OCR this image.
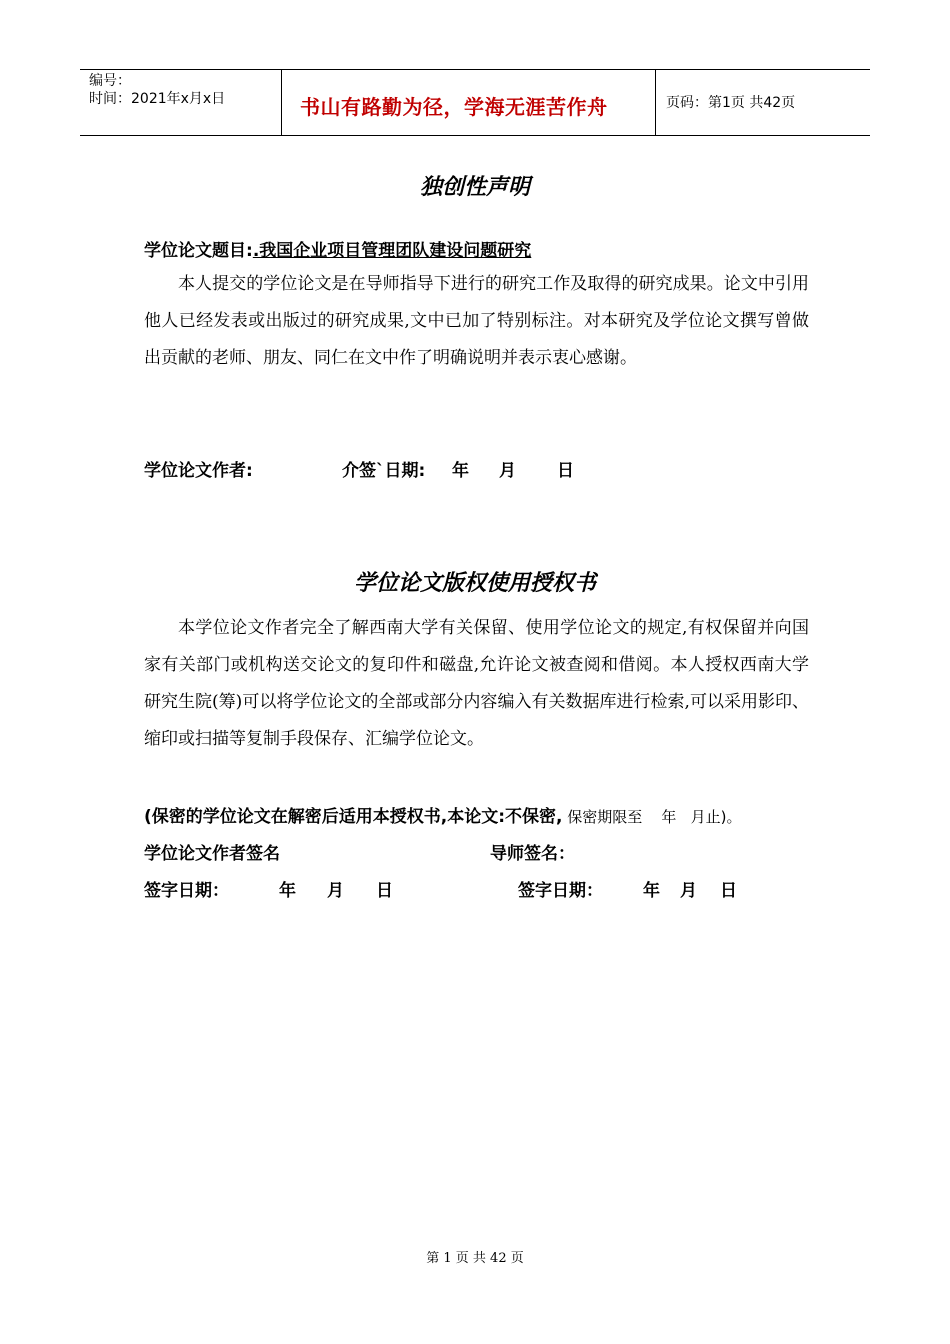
编号：
时间：2021年x月x日	书山有路勤为径，学海无涯苦作舟	页码：第1页 共42页
独创性声明
学位论文题目:.我国企业项目管理团队建设问题研究
本人提交的学位论文是在导师指导下进行的研究工作及取得的研究成果。论文中引用他人已经发表或出版过的研究成果,文中已加了特别标注。对本研究及学位论文撰写曾做出贡献的老师、朋友、同仁在文中作了明确说明并表示衷心感谢。
学位论文作者:	介签`日期: 年 月 日
学位论文版权使用授权书
本学位论文作者完全了解西南大学有关保留、使用学位论文的规定,有权保留并向国家有关部门或机构送交论文的复印件和磁盘,允许论文被查阅和借阅。本人授权西南大学研究生院(筹)可以将学位论文的全部或部分内容编入有关数据库进行检索,可以采用影印、缩印或扫描等复制手段保存、汇编学位论文。
(保密的学位论文在解密后适用本授权书,本论文:不保密, 保密期限至    年   月止)。
学位论文作者签名	导师签名：
签字日期：	年 月 日	签字日期： 年 月 日
第 1 页 共 42 页
